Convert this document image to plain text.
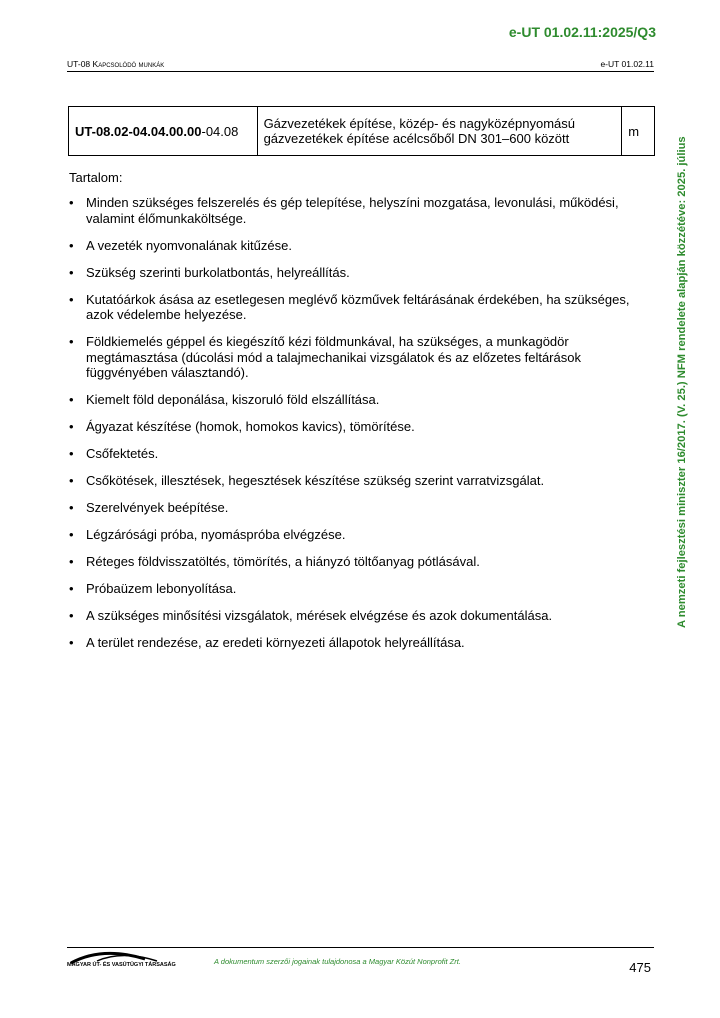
e-UT 01.02.11:2025/Q3
UT-08 Kapcsolódó munkák	e-UT 01.02.11
A nemzeti fejlesztési miniszter 16/2017. (V. 25.) NFM rendelete alapján közzétéve: 2025. július
UT-08.02-04.04.00.00-04.08	Gázvezetékek építése, közép- és nagyközépnyomású gázvezetékek építése acélcsőből DN 301–600 között	m
Tartalom:
• Minden szükséges felszerelés és gép telepítése, helyszíni mozgatása, levonulási, működési, valamint élőmunkaköltsége.
• A vezeték nyomvonalának kitűzése.
• Szükség szerinti burkolatbontás, helyreállítás.
• Kutatóárkok ásása az esetlegesen meglévő közművek feltárásának érdekében, ha szükséges, azok védelembe helyezése.
• Földkiemelés géppel és kiegészítő kézi földmunkával, ha szükséges, a munkagödör megtámasztása (dúcolási mód a talajmechanikai vizsgálatok és az előzetes feltárások függvényében választandó).
• Kiemelt föld deponálása, kiszoruló föld elszállítása.
• Ágyazat készítése (homok, homokos kavics), tömörítése.
• Csőfektetés.
• Csőkötések, illesztések, hegesztések készítése szükség szerint varratvizsgálat.
• Szerelvények beépítése.
• Légzárósági próba, nyomáspróba elvégzése.
• Réteges földvisszatöltés, tömörítés, a hiányzó töltőanyag pótlásával.
• Próbaüzem lebonyolítása.
• A szükséges minősítési vizsgálatok, mérések elvégzése és azok dokumentálása.
• A terület rendezése, az eredeti környezeti állapotok helyreállítása.
MAGYAR ÚT- ÉS VASÚTÜGYI TÁRSASÁG	A dokumentum szerzői jogainak tulajdonosa a Magyar Közút Nonprofit Zrt.	475
